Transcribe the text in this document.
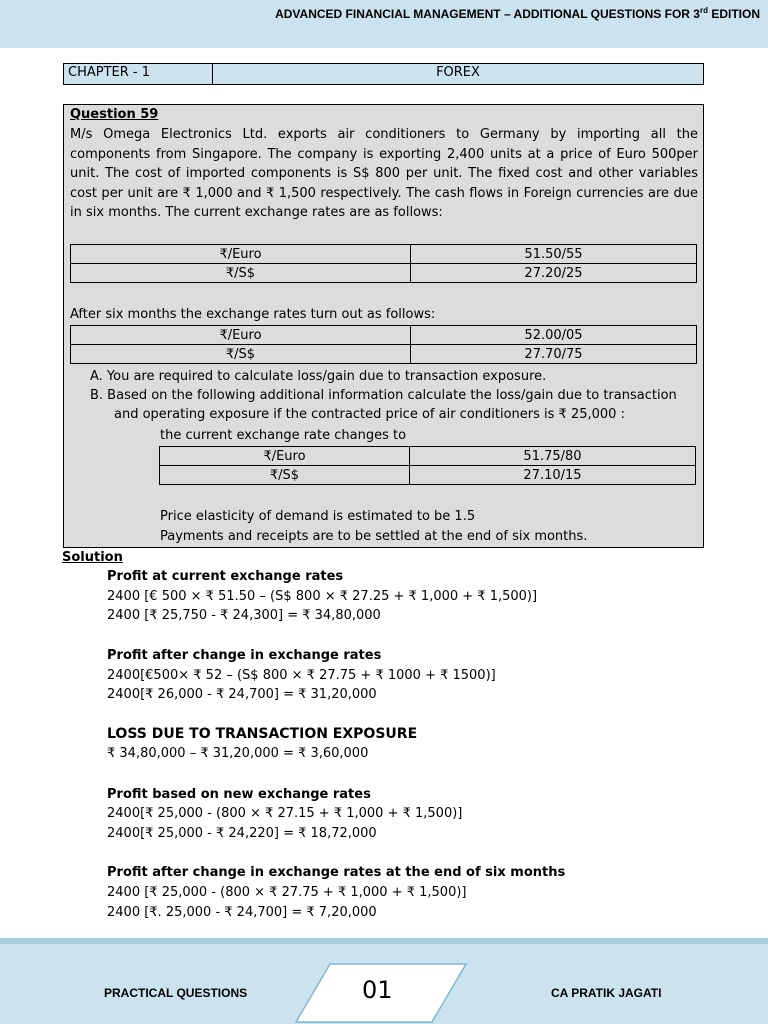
ADVANCED FINANCIAL MANAGEMENT – ADDITIONAL QUESTIONS FOR 3rd EDITION
CHAPTER - 1	FOREX
Question 59
M/s Omega Electronics Ltd. exports air conditioners to Germany by importing all the components from Singapore. The company is exporting 2,400 units at a price of Euro 500per unit. The cost of imported components is S$ 800 per unit. The fixed cost and other variables cost per unit are ₹ 1,000 and ₹ 1,500 respectively. The cash flows in Foreign currencies are due in six months. The current exchange rates are as follows:
₹/Euro	51.50/55
₹/S$	27.20/25
After six months the exchange rates turn out as follows:
₹/Euro	52.00/05
₹/S$	27.70/75
A. You are required to calculate loss/gain due to transaction exposure.
B. Based on the following additional information calculate the loss/gain due to transaction
and operating exposure if the contracted price of air conditioners is ₹ 25,000 :
the current exchange rate changes to
₹/Euro	51.75/80
₹/S$	27.10/15
Price elasticity of demand is estimated to be 1.5
Payments and receipts are to be settled at the end of six months.
Solution
Profit at current exchange rates
2400 [€ 500 × ₹ 51.50 – (S$ 800 × ₹ 27.25 + ₹ 1,000 + ₹ 1,500)]
2400 [₹ 25,750 - ₹ 24,300] = ₹ 34,80,000
Profit after change in exchange rates
2400[€500× ₹ 52 – (S$ 800 × ₹ 27.75 + ₹ 1000 + ₹ 1500)]
2400[₹ 26,000 - ₹ 24,700] = ₹ 31,20,000
LOSS DUE TO TRANSACTION EXPOSURE
₹ 34,80,000 – ₹ 31,20,000 = ₹ 3,60,000
Profit based on new exchange rates
2400[₹ 25,000 - (800 × ₹ 27.15 + ₹ 1,000 + ₹ 1,500)]
2400[₹ 25,000 - ₹ 24,220] = ₹ 18,72,000
Profit after change in exchange rates at the end of six months
2400 [₹ 25,000 - (800 × ₹ 27.75 + ₹ 1,000 + ₹ 1,500)]
2400 [₹. 25,000 - ₹ 24,700] = ₹ 7,20,000
PRACTICAL QUESTIONS	01	CA PRATIK JAGATI
